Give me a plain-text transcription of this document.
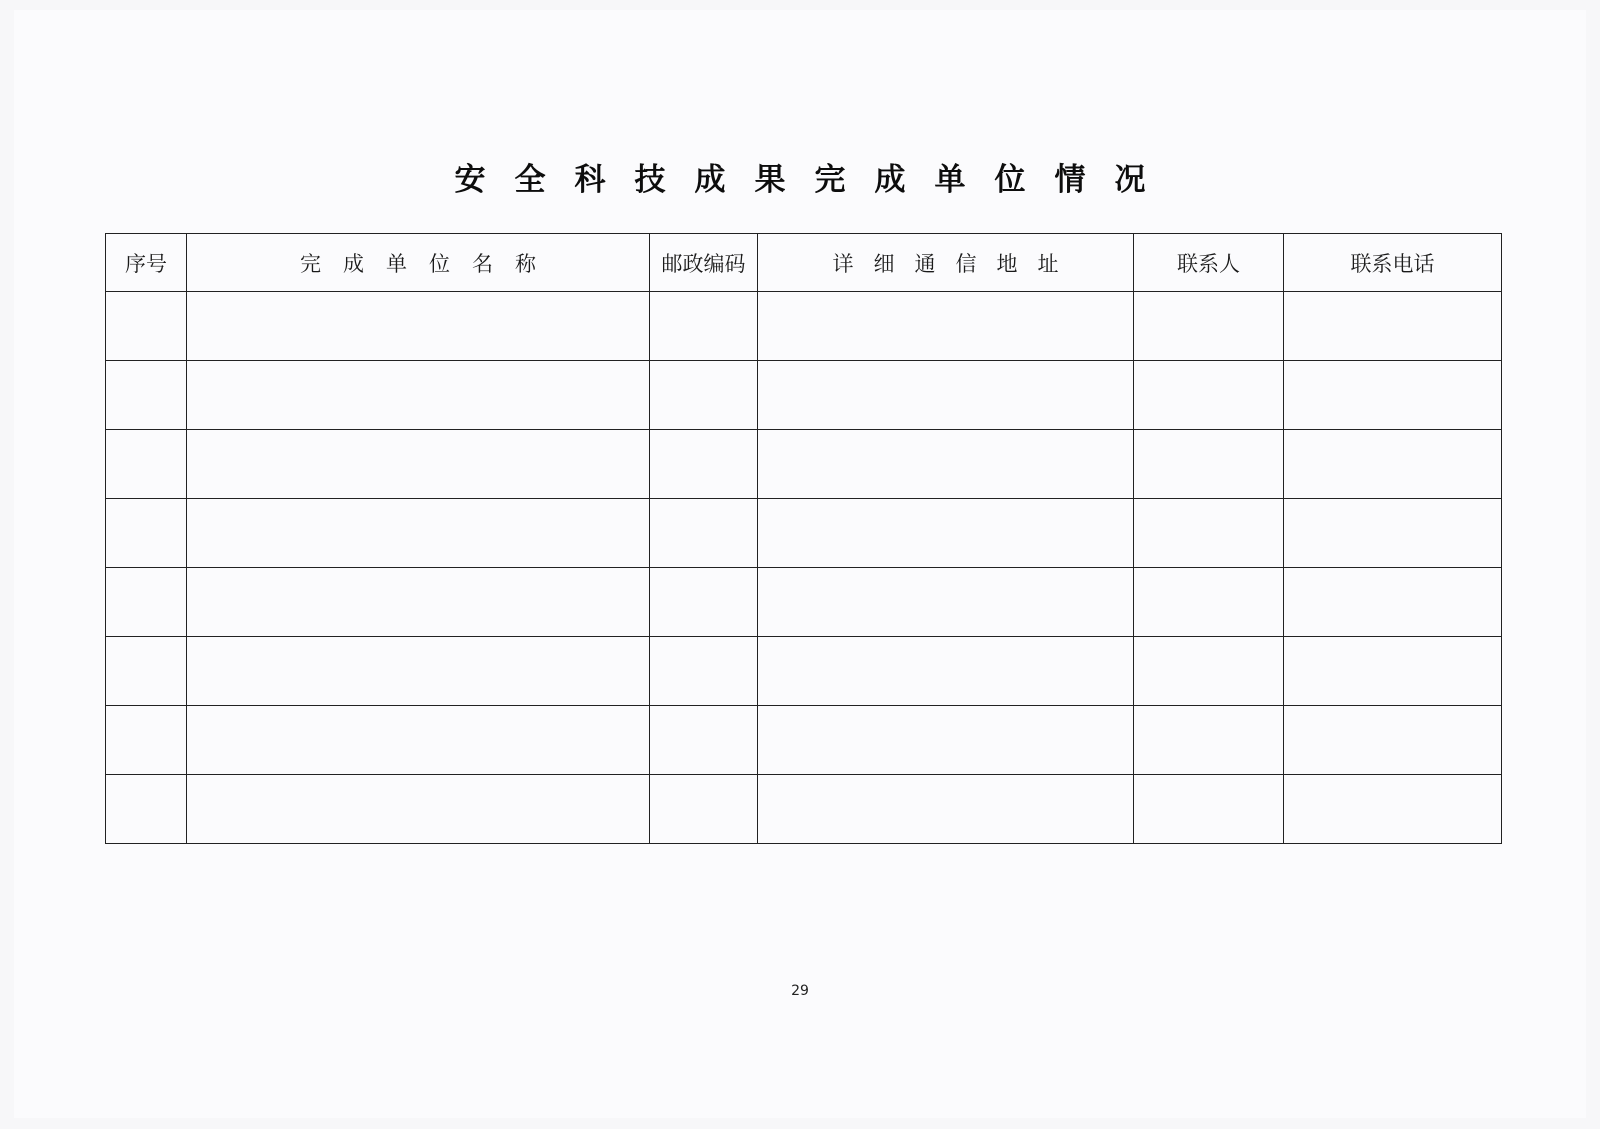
安全科技成果完成单位情况
序号	完成单位名称	邮政编码	详细通信地址	联系人	联系电话

29
